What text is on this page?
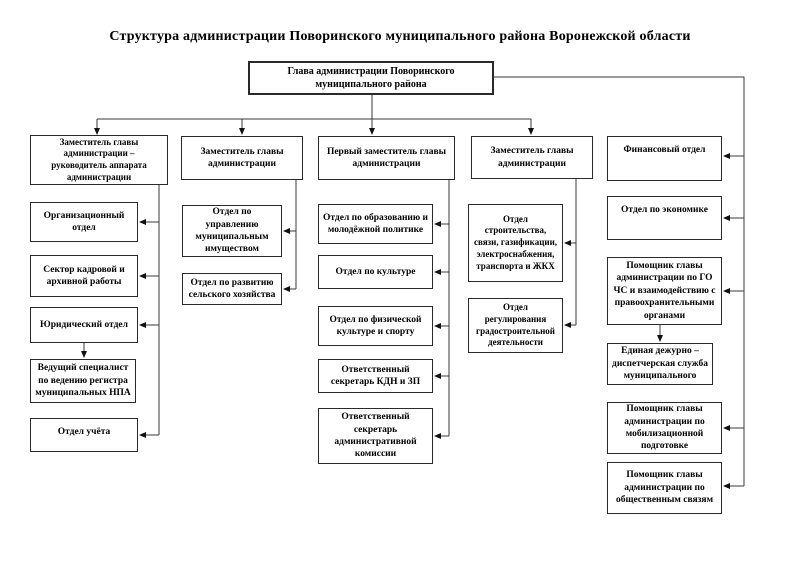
Структура администрации Поворинского муниципального района Воронежской области
Глава администрации Поворинского муниципального района
Заместитель главы администрации – руководитель аппарата администрации
Заместитель главы администрации
Первый заместитель главы администрации
Заместитель главы администрации
Организационный отдел
Сектор кадровой и архивной работы
Юридический отдел
Ведущий специалист по ведению регистра муниципальных НПА
Отдел учёта
Отдел по управлению муниципальным имуществом
Отдел по развитию сельского хозяйства
Отдел по образованию и молодёжной политике
Отдел по культуре
Отдел по физической культуре и спорту
Ответственный секретарь КДН и ЗП
Ответственный секретарь административной комиссии
Отдел строительства, связи, газификации, электроснабжения, транспорта и ЖКХ
Отдел регулирования градостроительной деятельности
Финансовый отдел
Отдел по экономике
Помощник главы администрации по ГО ЧС и взаимодействию с правоохранительными органами
Единая дежурно – диспетчерская служба муниципального
Помощник главы администрации по мобилизационной подготовке
Помощник главы администрации по общественным связям
